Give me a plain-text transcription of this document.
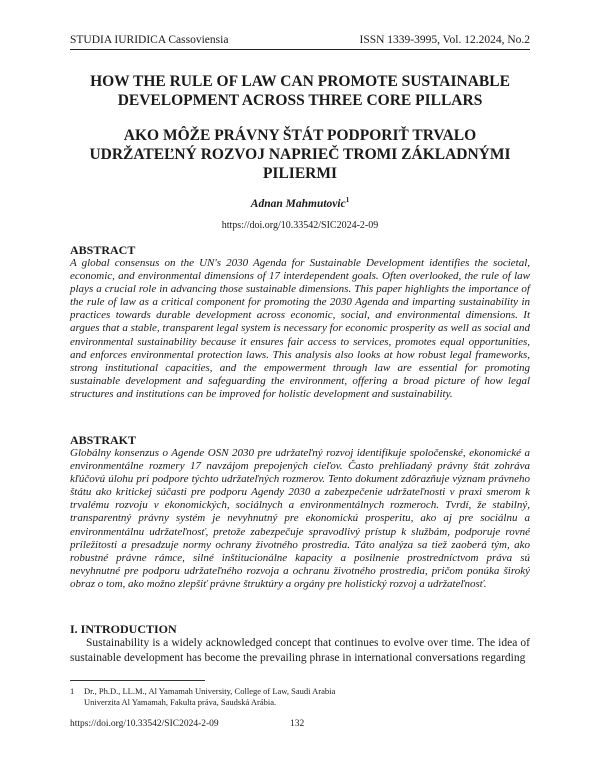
STUDIA IURIDICA Cassoviensia	ISSN 1339-3995, Vol. 12.2024, No.2
HOW THE RULE OF LAW CAN PROMOTE SUSTAINABLE
DEVELOPMENT ACROSS THREE CORE PILLARS
AKO MÔŽE PRÁVNY ŠTÁT PODPORIŤ TRVALO
UDRŽATEĽNÝ ROZVOJ NAPRIEČ TROMI ZÁKLADNÝMI
PILIERMI
Adnan Mahmutovic$^1$
https://doi.org/10.33542/SIC2024-2-09
ABSTRACT

A global consensus on the UN's 2030 Agenda for Sustainable Development identifies the societal, economic, and environmental dimensions of 17 interdependent goals. Often overlooked, the rule of law plays a crucial role in advancing those sustainable dimensions. This paper highlights the importance of the rule of law as a critical component for promoting the 2030 Agenda and imparting sustainability in practices towards durable development across economic, social, and environmental dimensions. It argues that a stable, transparent legal system is necessary for economic prosperity as well as social and environmental sustainability because it ensures fair access to services, promotes equal opportunities, and enforces environmental protection laws. This analysis also looks at how robust legal frameworks, strong institutional capacities, and the empowerment through law are essential for promoting sustainable development and safeguarding the environment, offering a broad picture of how legal structures and institutions can be improved for holistic development and sustainability.

ABSTRAKT

Globálny konsenzus o Agende OSN 2030 pre udržateľný rozvoj identifikuje spoločenské, ekonomické a environmentálne rozmery 17 navzájom prepojených cieľov. Často prehliadaný právny štát zohráva kľúčovú úlohu pri podpore týchto udržateľných rozmerov. Tento dokument zdôrazňuje význam právneho štátu ako kritickej súčasti pre podporu Agendy 2030 a zabezpečenie udržateľnosti v praxi smerom k trvalému rozvoju v ekonomických, sociálnych a environmentálnych rozmeroch. Tvrdí, že stabilný, transparentný právny systém je nevyhnutný pre ekonomickú prosperitu, ako aj pre sociálnu a environmentálnu udržateľnosť, pretože zabezpečuje spravodlivý prístup k službám, podporuje rovné príležitosti a presadzuje normy ochrany životného prostredia. Táto analýza sa tiež zaoberá tým, ako robustné právne rámce, silné inštitucionálne kapacity a posilnenie prostredníctvom práva sú nevyhnutné pre podporu udržateľného rozvoja a ochranu životného prostredia, pričom ponúka široký obraz o tom, ako možno zlepšiť právne štruktúry a orgány pre holistický rozvoj a udržateľnosť.

I. INTRODUCTION

Sustainability is a widely acknowledged concept that continues to evolve over time. The idea of sustainable development has become the prevailing phrase in international conversations regarding

1 Dr., Ph.D., LL.M., Al Yamamah University, College of Law, Saudi Arabia
Univerzita Al Yamamah, Fakulta práva, Saudská Arábia.
https://doi.org/10.33542/SIC2024-2-09	132
